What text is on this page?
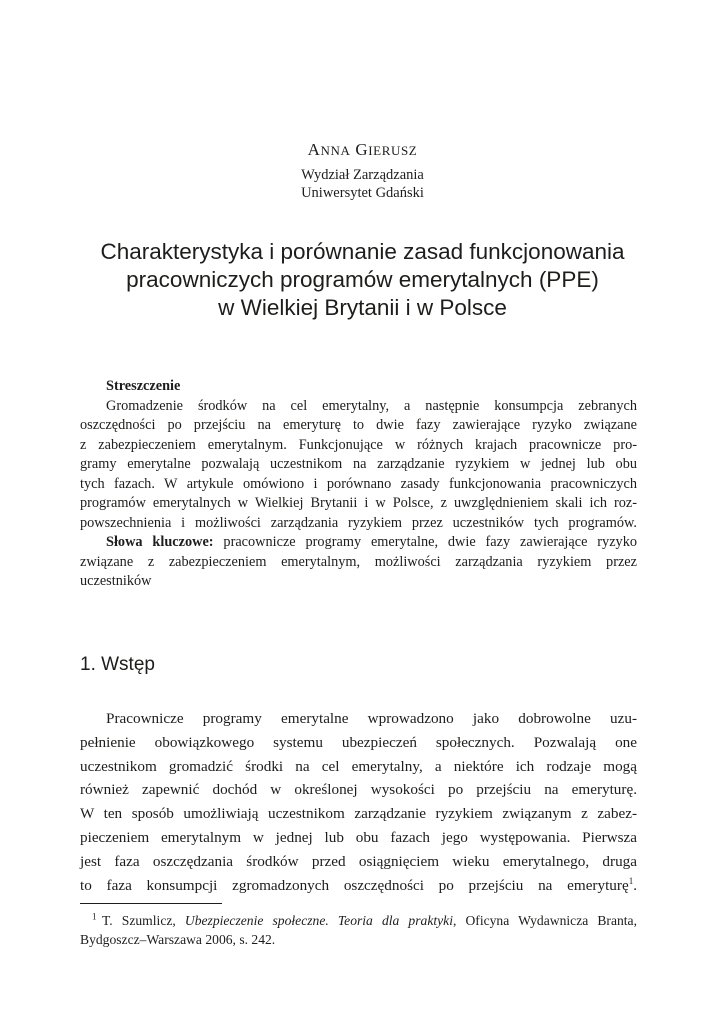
ANNA GIERUSZ
Wydział Zarządzania
Uniwersytet Gdański
Charakterystyka i porównanie zasad funkcjonowania
pracowniczych programów emerytalnych (PPE)
w Wielkiej Brytanii i w Polsce
Streszczenie
Gromadzenie środków na cel emerytalny, a następnie konsumpcja zebranych
oszczędności po przejściu na emeryturę to dwie fazy zawierające ryzyko związane
z zabezpieczeniem emerytalnym. Funkcjonujące w różnych krajach pracownicze pro-
gramy emerytalne pozwalają uczestnikom na zarządzanie ryzykiem w jednej lub obu
tych fazach. W artykule omówiono i porównano zasady funkcjonowania pracowniczych
programów emerytalnych w Wielkiej Brytanii i w Polsce, z uwzględnieniem skali ich roz-
powszechnienia i możliwości zarządzania ryzykiem przez uczestników tych programów.
Słowa kluczowe: pracownicze programy emerytalne, dwie fazy zawierające ryzyko
związane z zabezpieczeniem emerytalnym, możliwości zarządzania ryzykiem przez
uczestników
1. Wstęp
Pracownicze programy emerytalne wprowadzono jako dobrowolne uzu-
pełnienie obowiązkowego systemu ubezpieczeń społecznych. Pozwalają one
uczestnikom gromadzić środki na cel emerytalny, a niektóre ich rodzaje mogą
również zapewnić dochód w określonej wysokości po przejściu na emeryturę.
W ten sposób umożliwiają uczestnikom zarządzanie ryzykiem związanym z zabez-
pieczeniem emerytalnym w jednej lub obu fazach jego występowania. Pierwsza
jest faza oszczędzania środków przed osiągnięciem wieku emerytalnego, druga
to faza konsumpcji zgromadzonych oszczędności po przejściu na emeryturę$^1$.
$^1$ T. Szumlicz, Ubezpieczenie społeczne. Teoria dla praktyki, Oficyna Wydawnicza Branta,
Bydgoszcz–Warszawa 2006, s. 242.
